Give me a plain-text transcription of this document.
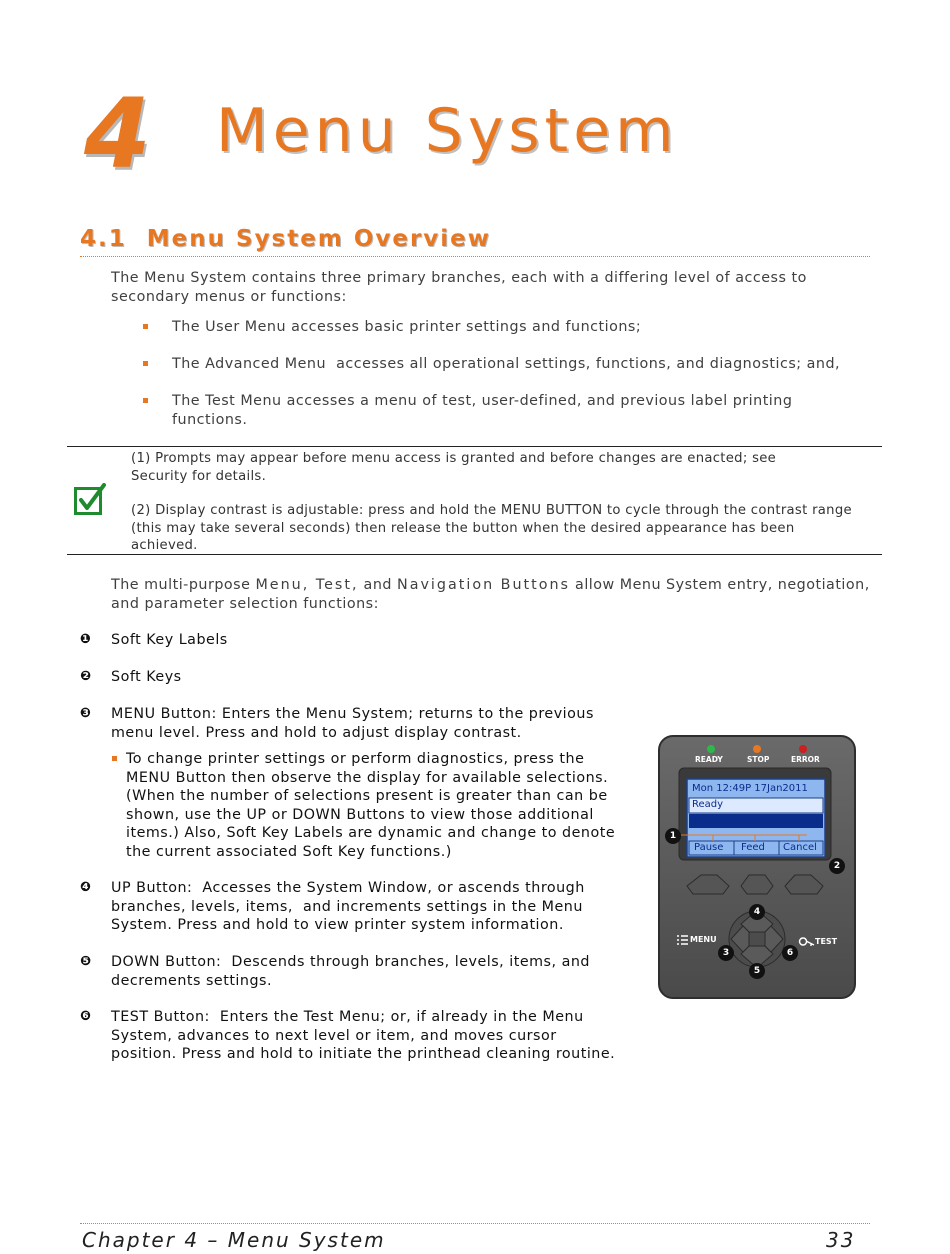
4 Menu System
4.1  Menu System Overview
The Menu System contains three primary branches, each with a differing level of access to secondary menus or functions:
The User Menu accesses basic printer settings and functions;
The Advanced Menu  accesses all operational settings, functions, and diagnostics; and,
The Test Menu accesses a menu of test, user-defined, and previous label printing functions.
(1) Prompts may appear before menu access is granted and before changes are enacted; see Security for details.
(2) Display contrast is adjustable: press and hold the MENU BUTTON to cycle through the contrast range (this may take several seconds) then release the button when the desired appearance has been achieved.
The multi-purpose Menu, Test, and Navigation Buttons allow Menu System entry, negotiation,
and parameter selection functions:
❶ Soft Key Labels
❷ Soft Keys
❸ MENU Button: Enters the Menu System; returns to the previous
menu level. Press and hold to adjust display contrast.
To change printer settings or perform diagnostics, press the
MENU Button then observe the display for available selections.
(When the number of selections present is greater than can be
shown, use the UP or DOWN Buttons to view those additional
items.) Also, Soft Key Labels are dynamic and change to denote
the current associated Soft Key functions.)
❹ UP Button:  Accesses the System Window, or ascends through
branches, levels, items,  and increments settings in the Menu
System. Press and hold to view printer system information.
❺ DOWN Button:  Descends through branches, levels, items, and
decrements settings.
❻ TEST Button:  Enters the Test Menu; or, if already in the Menu
System, advances to next level or item, and moves cursor
position. Press and hold to initiate the printhead cleaning routine.
READY	STOP	ERROR
Mon 12:49P 17Jan2011
Ready
Pause Feed Cancel
MENU	TEST
1
2
3
4
5
6
Chapter 4 – Menu System	33
